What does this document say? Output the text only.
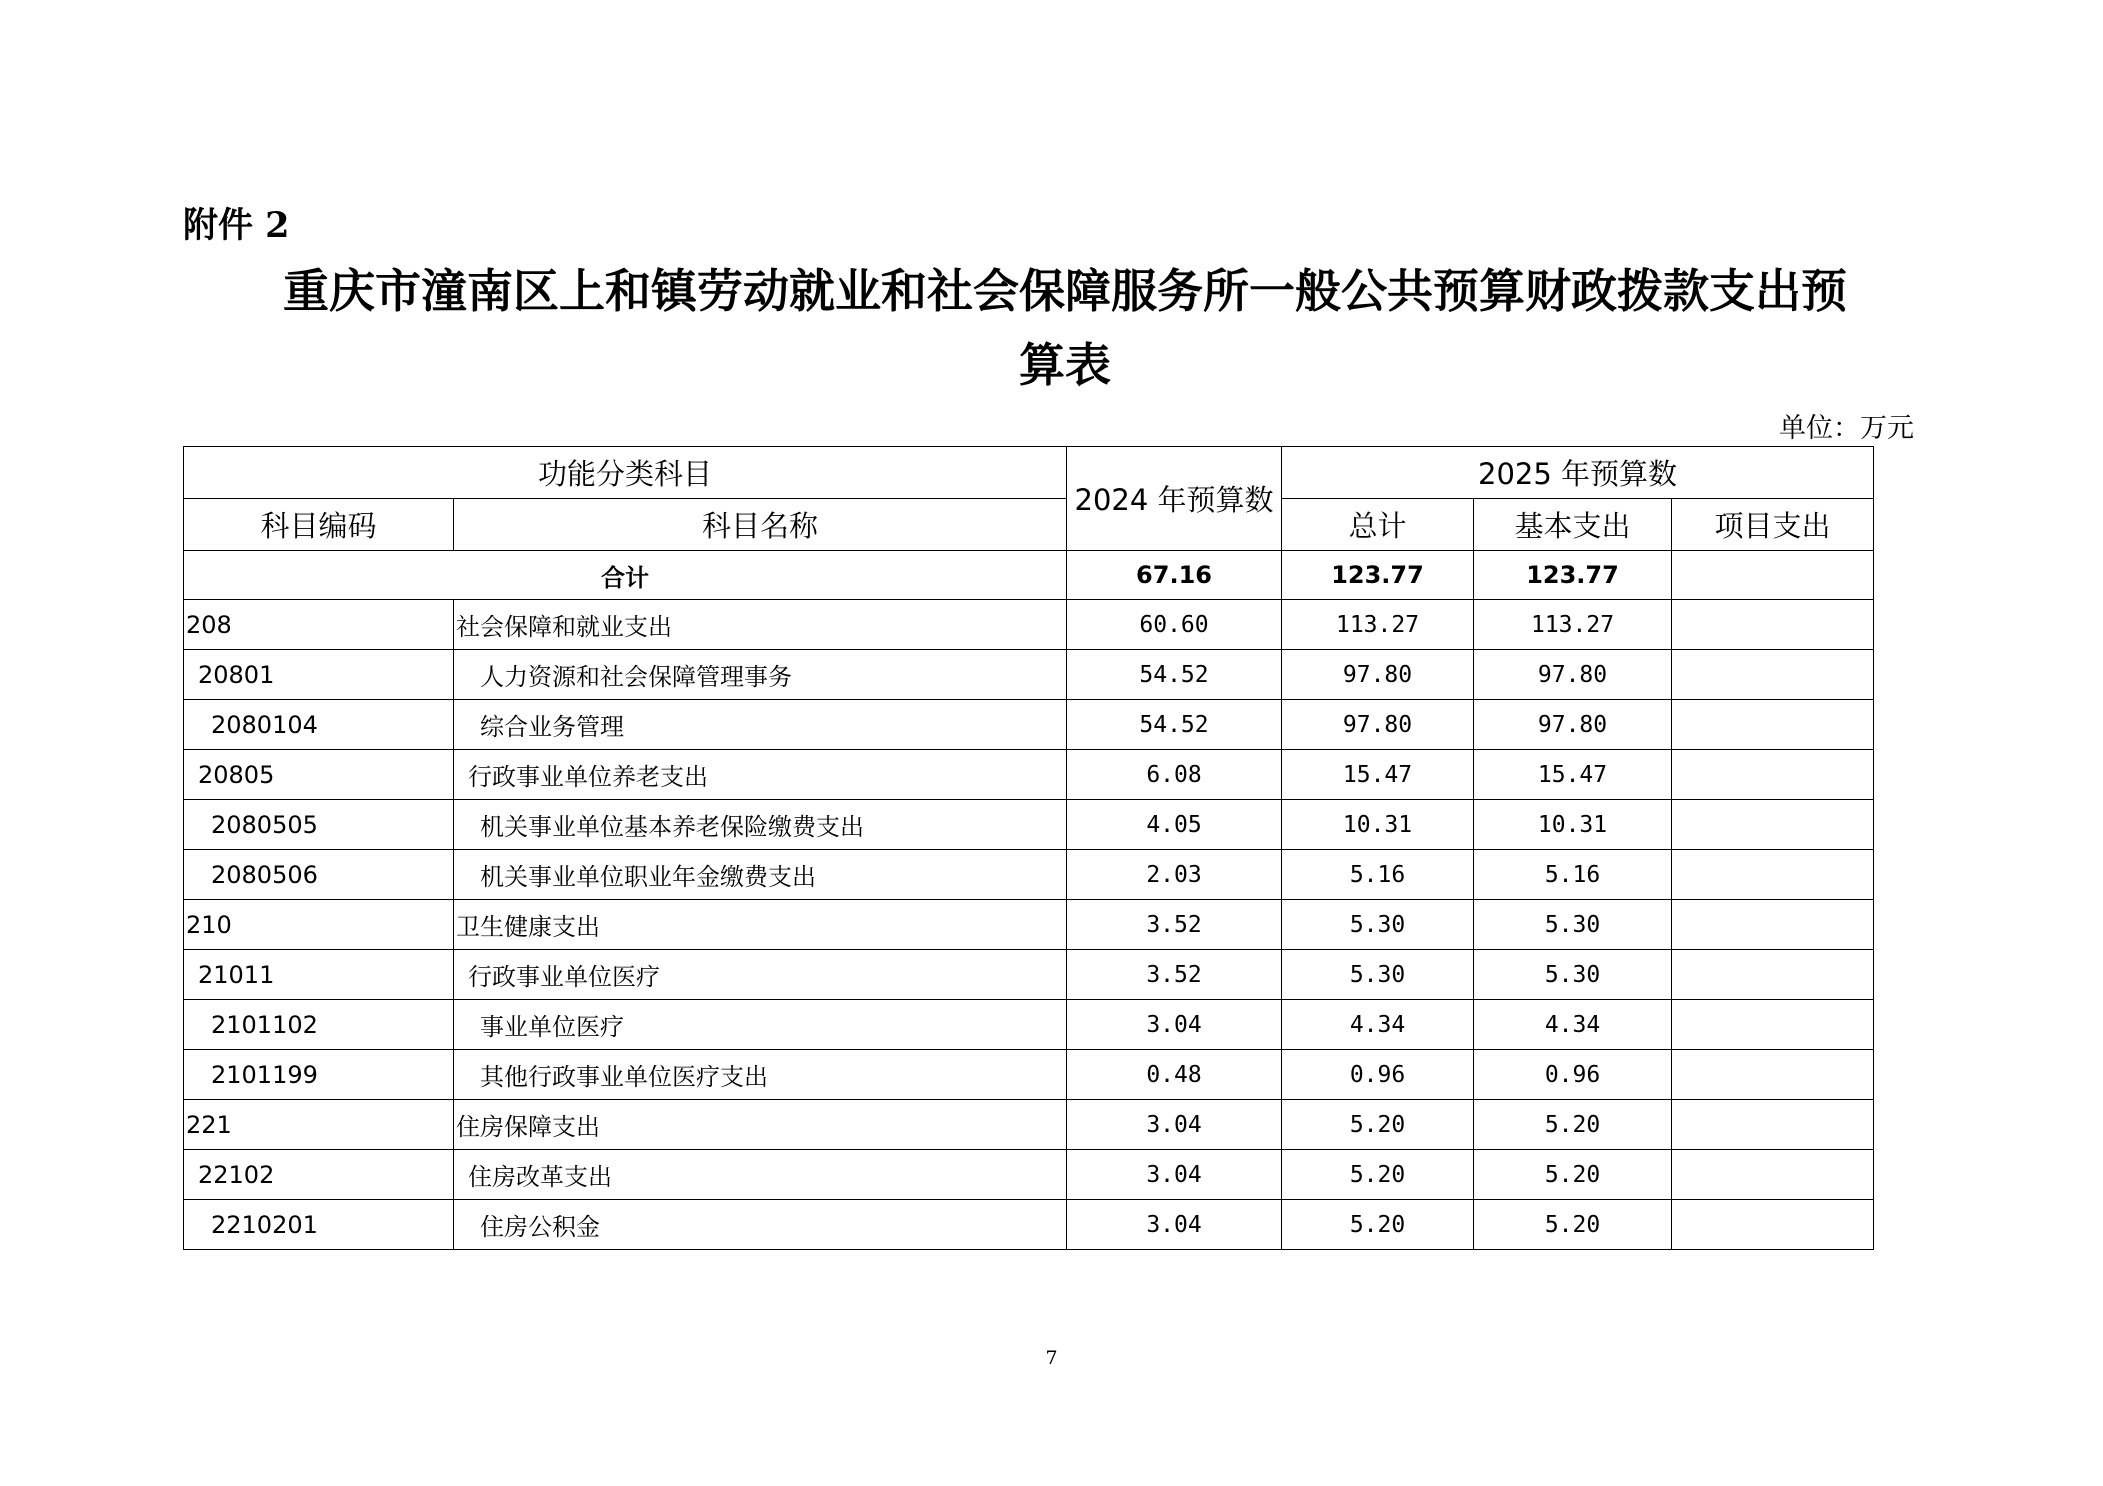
附件 2
重庆市潼南区上和镇劳动就业和社会保障服务所一般公共预算财政拨款支出预
算表
单位：万元
功能分类科目		2024 年预算数	2025 年预算数		
科目编码	科目名称		总计	基本支出	项目支出
合计		67.16	123.77	123.77	
208	社会保障和就业支出	60.60	113.27	113.27	
20801	人力资源和社会保障管理事务	54.52	97.80	97.80	
2080104	综合业务管理	54.52	97.80	97.80	
20805	行政事业单位养老支出	6.08	15.47	15.47	
2080505	机关事业单位基本养老保险缴费支出	4.05	10.31	10.31	
2080506	机关事业单位职业年金缴费支出	2.03	5.16	5.16	
210	卫生健康支出	3.52	5.30	5.30	
21011	行政事业单位医疗	3.52	5.30	5.30	
2101102	事业单位医疗	3.04	4.34	4.34	
2101199	其他行政事业单位医疗支出	0.48	0.96	0.96	
221	住房保障支出	3.04	5.20	5.20	
22102	住房改革支出	3.04	5.20	5.20	
2210201	住房公积金	3.04	5.20	5.20	
7
